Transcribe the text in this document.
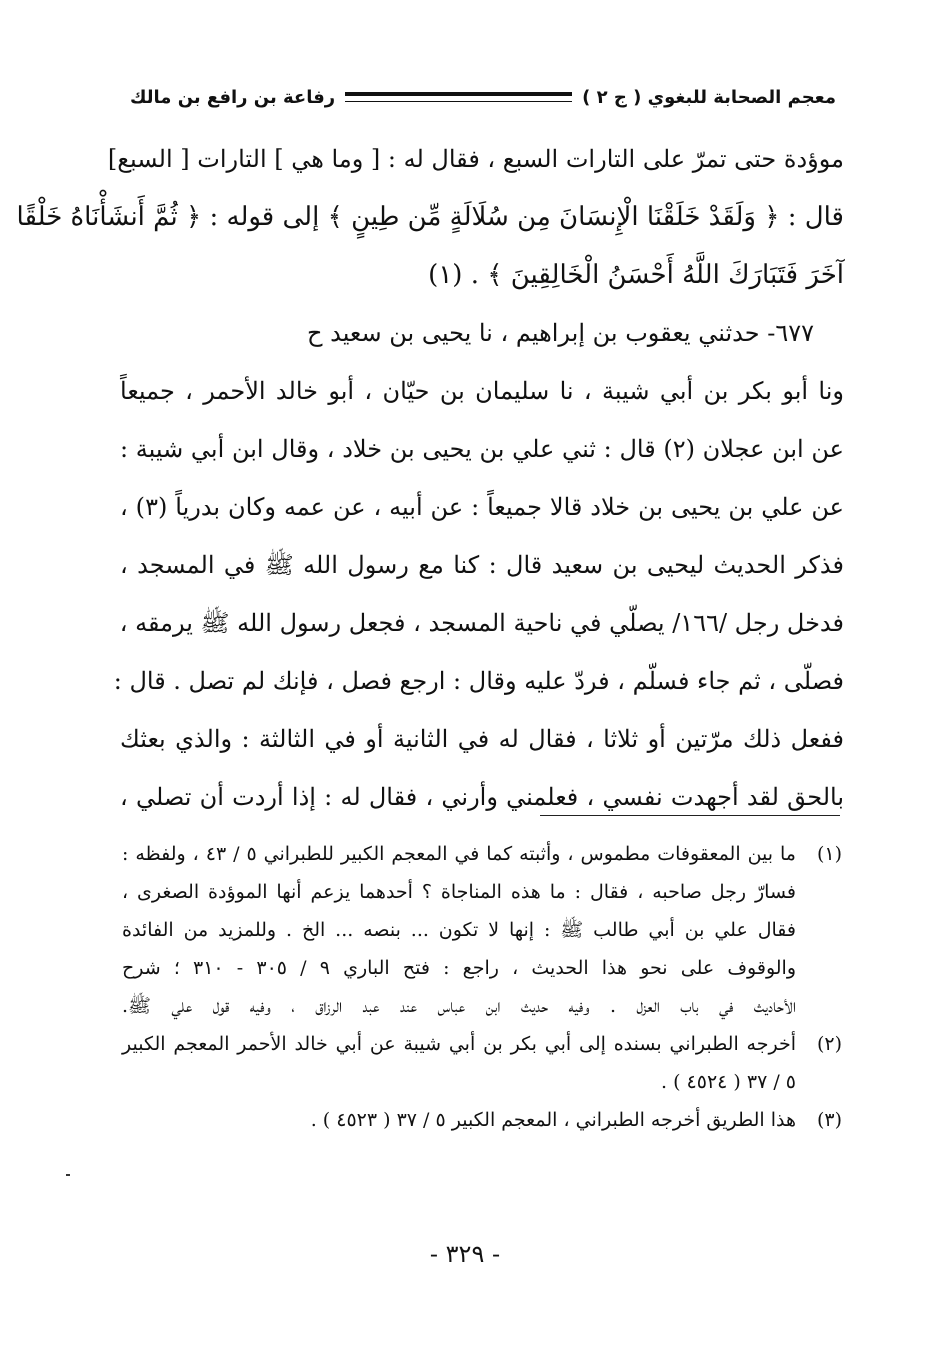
معجم الصحابة للبغوي ( ج ٢ )
رفاعة بن رافع بن مالك
موؤدة حتى تمرّ على التارات السبع ، فقال له : [ وما هي ] التارات [ السبع]
قال : ﴿ وَلَقَدْ خَلَقْنَا الْإِنسَانَ مِن سُلَالَةٍ مِّن طِينٍ ﴾ إلى قوله : ﴿ ثُمَّ أَنشَأْنَاهُ خَلْقًا
آخَرَ فَتَبَارَكَ اللَّهُ أَحْسَنُ الْخَالِقِينَ ﴾ . (١)
٦٧٧- حدثني يعقوب بن إبراهيم ، نا يحيى بن سعيد ح
ونا أبو بكر بن أبي شيبة ، نا سليمان بن حيّان ، أبو خالد الأحمر ، جميعاً
عن ابن عجلان (٢) قال : ثني علي بن يحيى بن خلاد ، وقال ابن أبي شيبة :
عن علي بن يحيى بن خلاد قالا جميعاً : عن أبيه ، عن عمه وكان بدرياً (٣) ،
فذكر الحديث ليحيى بن سعيد قال : كنا مع رسول الله ﷺ في المسجد ،
فدخل رجل /١٦٦/ يصلّي في ناحية المسجد ، فجعل رسول الله ﷺ يرمقه ،
فصلّى ، ثم جاء فسلّم ، فردّ عليه وقال : ارجع فصل ، فإنك لم تصل . قال :
ففعل ذلك مرّتين أو ثلاثا ، فقال له في الثانية أو في الثالثة : والذي بعثك
بالحق لقد أجهدت نفسي ، فعلمني وأرني ، فقال له : إذا أردت أن تصلي ،
(١)
ما بين المعقوفات مطموس ، وأثبته كما في المعجم الكبير للطبراني ٥ / ٤٣ ، ولفظه :
فسارّ رجل صاحبه ، فقال : ما هذه المناجاة ؟ أحدهما يزعم أنها الموؤدة الصغرى ،
فقال علي بن أبي طالب ﷺ : إنها لا تكون ... بنصه ... الخ . وللمزيد من الفائدة
والوقوف على نحو هذا الحديث ، راجع : فتح الباري ٩ / ٣٠٥ - ٣١٠ ؛ شرح
الأحاديث في باب العزل . وفيه حديث ابن عباس عند عبد الرزاق ، وفيه قول علي ﷺ.
(٢)
أخرجه الطبراني بسنده إلى أبي بكر بن أبي شيبة عن أبي خالد الأحمر المعجم الكبير
٥ / ٣٧ ( ٤٥٢٤ ) .
(٣)
هذا الطريق أخرجه الطبراني ، المعجم الكبير ٥ / ٣٧ ( ٤٥٢٣ ) .
- ٣٢٩ -
